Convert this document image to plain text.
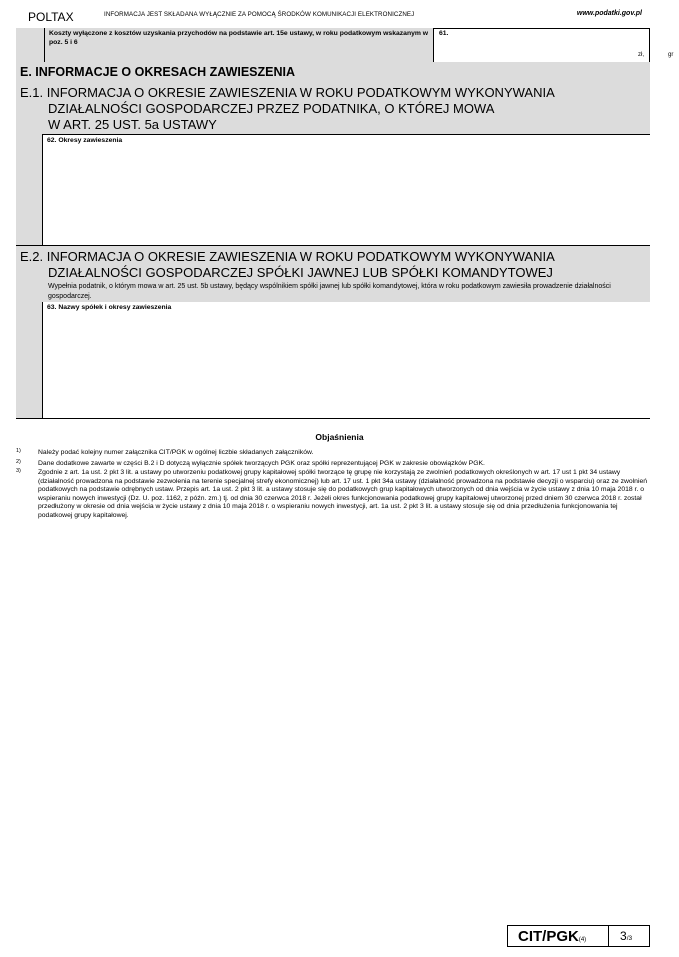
POLTAX	INFORMACJA JEST SKŁADANA WYŁĄCZNIE ZA POMOCĄ ŚRODKÓW KOMUNIKACJI ELEKTRONICZNEJ	www.podatki.gov.pl
Koszty wyłączone z kosztów uzyskania przychodów na podstawie art. 15e ustawy, w roku podatkowym wskazanym w poz. 5 i 6
61.
zł,	gr
E. INFORMACJE O OKRESACH ZAWIESZENIA
E.1. INFORMACJA O OKRESIE ZAWIESZENIA W ROKU PODATKOWYM WYKONYWANIA
DZIAŁALNOŚCI GOSPODARCZEJ PRZEZ PODATNIKA, O KTÓREJ MOWA
W ART. 25 UST. 5a USTAWY
62. Okresy zawieszenia
E.2. INFORMACJA O OKRESIE ZAWIESZENIA W ROKU PODATKOWYM WYKONYWANIA
DZIAŁALNOŚCI GOSPODARCZEJ SPÓŁKI JAWNEJ LUB SPÓŁKI KOMANDYTOWEJ
Wypełnia podatnik, o którym mowa w art. 25 ust. 5b ustawy, będący wspólnikiem spółki jawnej lub spółki komandytowej, która w roku podatkowym zawiesiła prowadzenie działalności gospodarczej.
63. Nazwy spółek i okresy zawieszenia
Objaśnienia
1)	Należy podać kolejny numer załącznika CIT/PGK w ogólnej liczbie składanych załączników.
2)	Dane dodatkowe zawarte w części B.2 i D dotyczą wyłącznie spółek tworzących PGK oraz spółki reprezentującej PGK w zakresie obowiązków PGK.
3)	Zgodnie z art. 1a ust. 2 pkt 3 lit. a ustawy po utworzeniu podatkowej grupy kapitałowej spółki tworzące tę grupę nie korzystają ze zwolnień podatkowych określonych w art. 17 ust 1 pkt 34 ustawy (działalność prowadzona na podstawie zezwolenia na terenie specjalnej strefy ekonomicznej) lub art. 17 ust. 1 pkt 34a ustawy (działalność prowadzona na podstawie decyzji o wsparciu) oraz ze zwolnień podatkowych na podstawie odrębnych ustaw. Przepis art. 1a ust. 2 pkt 3 lit. a ustawy stosuje się do podatkowych grup kapitałowych utworzonych od dnia wejścia w życie ustawy z dnia 10 maja 2018 r. o wspieraniu nowych inwestycji (Dz. U. poz. 1162, z późn. zm.) tj. od dnia 30 czerwca 2018 r. Jeżeli okres funkcjonowania podatkowej grupy kapitałowej utworzonej przed dniem 30 czerwca 2018 r. został przedłużony w okresie od dnia wejścia w życie ustawy z dnia 10 maja 2018 r. o wspieraniu nowych inwestycji, art. 1a ust. 2 pkt 3 lit. a ustawy stosuje się od dnia przedłużenia funkcjonowania tej podatkowej grupy kapitałowej.
CIT/PGK(4)	3/3
